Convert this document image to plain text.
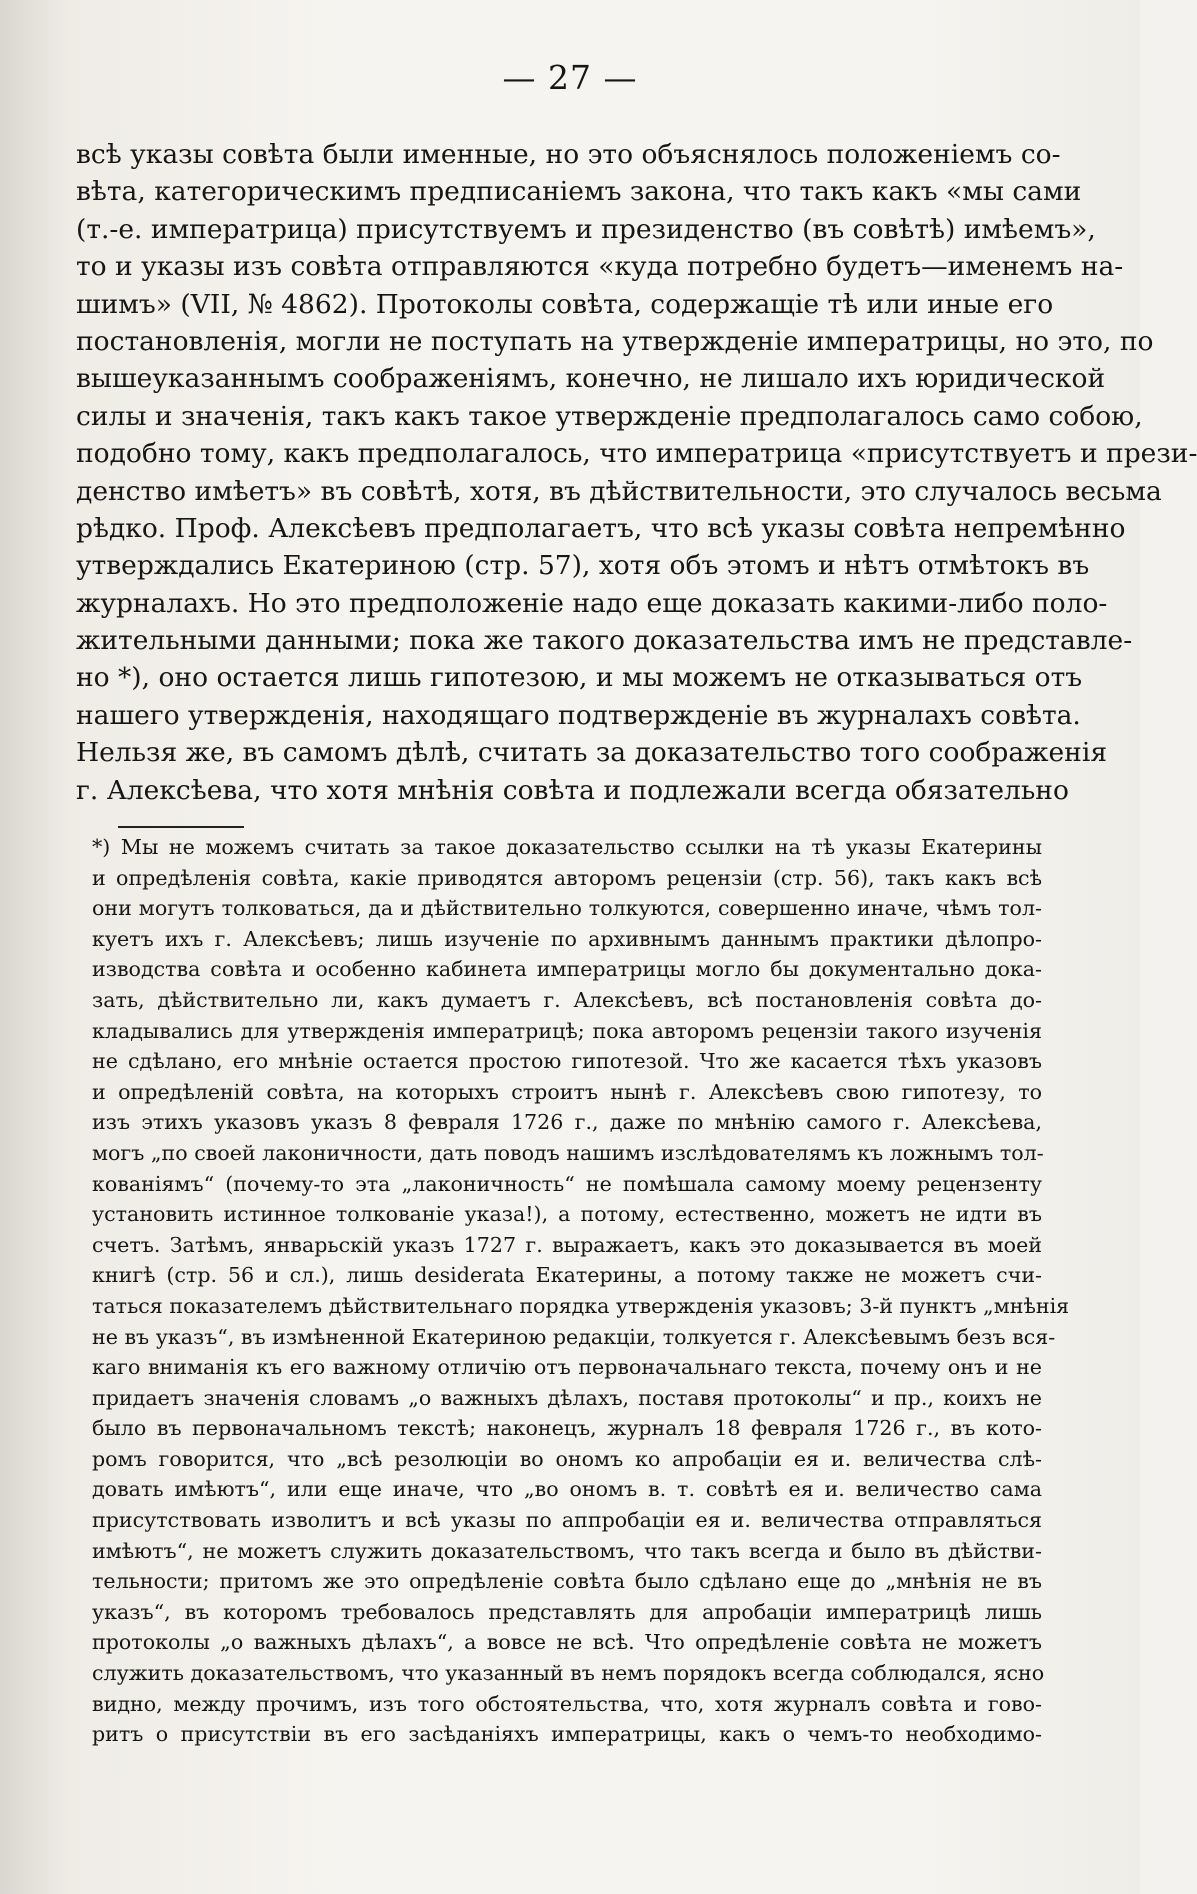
— 27 —
всѣ указы совѣта были именные, но это объяснялось положеніемъ со-
вѣта, категорическимъ предписаніемъ закона, что такъ какъ «мы сами
(т.-е. императрица) присутствуемъ и президенство (въ совѣтѣ) имѣемъ»,
то и указы изъ совѣта отправляются «куда потребно будетъ—именемъ на-
шимъ» (VII, № 4862). Протоколы совѣта, содержащіе тѣ или иные его
постановленія, могли не поступать на утвержденіе императрицы, но это, по
вышеуказаннымъ соображеніямъ, конечно, не лишало ихъ юридической
силы и значенія, такъ какъ такое утвержденіе предполагалось само собою,
подобно тому, какъ предполагалось, что императрица «присутствуетъ и прези-
денство имѣетъ» въ совѣтѣ, хотя, въ дѣйствительности, это случалось весьма
рѣдко. Проф. Алексѣевъ предполагаетъ, что всѣ указы совѣта непремѣнно
утверждались Екатериною (стр. 57), хотя объ этомъ и нѣтъ отмѣтокъ въ
журналахъ. Но это предположеніе надо еще доказать какими-либо поло-
жительными данными; пока же такого доказательства имъ не представле-
но *), оно остается лишь гипотезою, и мы можемъ не отказываться отъ
нашего утвержденія, находящаго подтвержденіе въ журналахъ совѣта.
Нельзя же, въ самомъ дѣлѣ, считать за доказательство того соображенія
г. Алексѣева, что хотя мнѣнія совѣта и подлежали всегда обязательно
*) Мы не можемъ считать за такое доказательство ссылки на тѣ указы Екатерины
и опредѣленія совѣта, какіе приводятся авторомъ рецензіи (стр. 56), такъ какъ всѣ
они могутъ толковаться, да и дѣйствительно толкуются, совершенно иначе, чѣмъ тол-
куетъ ихъ г. Алексѣевъ; лишь изученіе по архивнымъ даннымъ практики дѣлопро-
изводства совѣта и особенно кабинета императрицы могло бы документально дока-
зать, дѣйствительно ли, какъ думаетъ г. Алексѣевъ, всѣ постановленія совѣта до-
кладывались для утвержденія императрицѣ; пока авторомъ рецензіи такого изученія
не сдѣлано, его мнѣніе остается простою гипотезой. Что же касается тѣхъ указовъ
и опредѣленій совѣта, на которыхъ строитъ нынѣ г. Алексѣевъ свою гипотезу, то
изъ этихъ указовъ указъ 8 февраля 1726 г., даже по мнѣнію самого г. Алексѣева,
могъ „по своей лаконичности, дать поводъ нашимъ изслѣдователямъ къ ложнымъ тол-
кованіямъ“ (почему-то эта „лаконичность“ не помѣшала самому моему рецензенту
установить истинное толкованіе указа!), а потому, естественно, можетъ не идти въ
счетъ. Затѣмъ, январьскій указъ 1727 г. выражаетъ, какъ это доказывается въ моей
книгѣ (стр. 56 и сл.), лишь desiderata Екатерины, а потому также не можетъ счи-
таться показателемъ дѣйствительнаго порядка утвержденія указовъ; 3-й пунктъ „мнѣнія
не въ указъ“, въ измѣненной Екатериною редакціи, толкуется г. Алексѣевымъ безъ вся-
каго вниманія къ его важному отличію отъ первоначальнаго текста, почему онъ и не
придаетъ значенія словамъ „о важныхъ дѣлахъ, поставя протоколы“ и пр., коихъ не
было въ первоначальномъ текстѣ; наконецъ, журналъ 18 февраля 1726 г., въ кото-
ромъ говорится, что „всѣ резолюціи во ономъ ко апробаціи ея и. величества слѣ-
довать имѣютъ“, или еще иначе, что „во ономъ в. т. совѣтѣ ея и. величество сама
присутствовать изволитъ и всѣ указы по аппробаціи ея и. величества отправляться
имѣютъ“, не можетъ служить доказательствомъ, что такъ всегда и было въ дѣйстви-
тельности; притомъ же это опредѣленіе совѣта было сдѣлано еще до „мнѣнія не въ
указъ“, въ которомъ требовалось представлять для апробаціи императрицѣ лишь
протоколы „о важныхъ дѣлахъ“, а вовсе не всѣ. Что опредѣленіе совѣта не можетъ
служить доказательствомъ, что указанный въ немъ порядокъ всегда соблюдался, ясно
видно, между прочимъ, изъ того обстоятельства, что, хотя журналъ совѣта и гово-
ритъ о присутствіи въ его засѣданіяхъ императрицы, какъ о чемъ-то необходимо-
